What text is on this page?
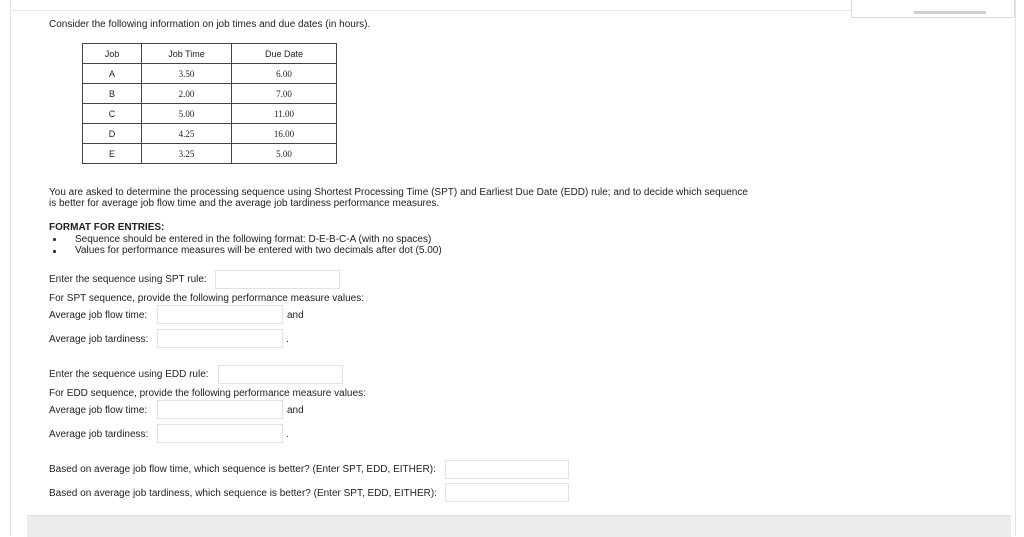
Consider the following information on job times and due dates (in hours).
Job	Job Time	Due Date
A	3.50	6.00
B	2.00	7.00
C	5.00	11.00
D	4.25	16.00
E	3.25	5.00
You are asked to determine the processing sequence using Shortest Processing Time (SPT) and Earliest Due Date (EDD) rule; and to decide which sequence
is better for average job flow time and the average job tardiness performance measures.
FORMAT FOR ENTRIES:
Sequence should be entered in the following format: D-E-B-C-A (with no spaces)
Values for performance measures will be entered with two decimals after dot (5.00)
Enter the sequence using SPT rule:
For SPT sequence, provide the following performance measure values:
Average job flow time:	and
Average job tardiness:	.
Enter the sequence using EDD rule:
For EDD sequence, provide the following performance measure values:
Average job flow time:	and
Average job tardiness:	.
Based on average job flow time, which sequence is better? (Enter SPT, EDD, EITHER):
Based on average job tardiness, which sequence is better? (Enter SPT, EDD, EITHER):
